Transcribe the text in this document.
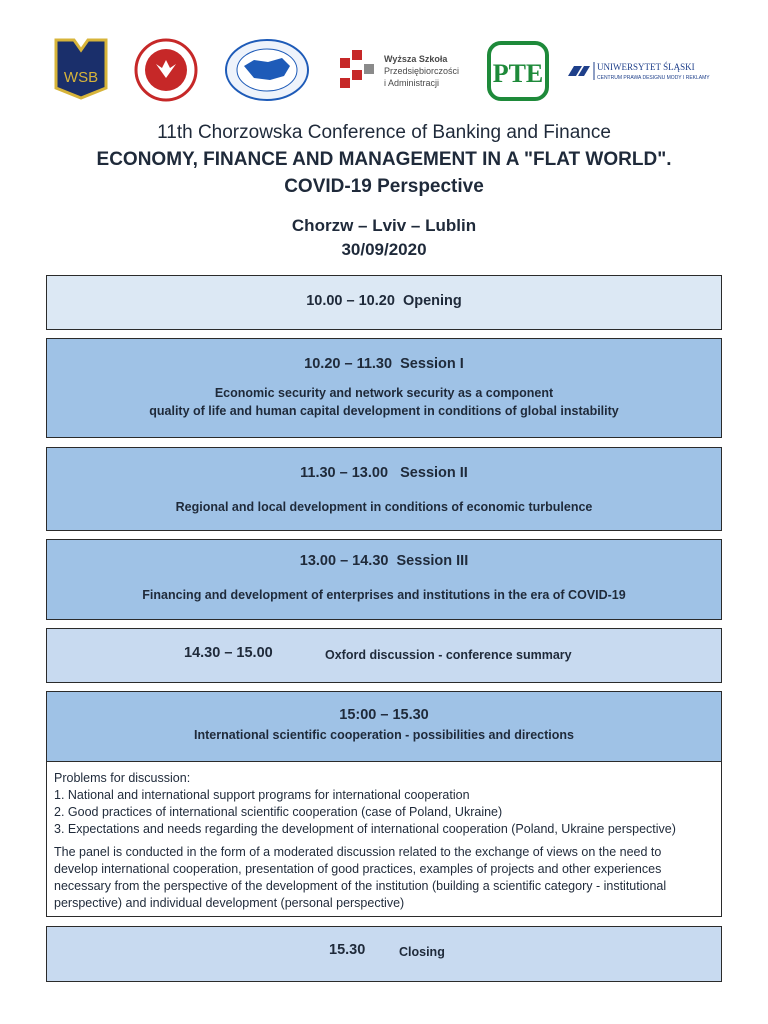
WSB
Wyższa Szkoła
Przedsiębiorczości
i Administracji PTE	UNIWERSYTET ŚLĄSKI
CENTRUM PRAWA DESIGNU MODY I REKLAMY
11th Chorzowska Conference of Banking and Finance
ECONOMY, FINANCE AND MANAGEMENT IN A "FLAT WORLD".
COVID-19 Perspective
Chorzw – Lviv – Lublin
30/09/2020
10.00 – 10.20 Opening
10.20 – 11.30 Session I
Economic security and network security as a component
quality of life and human capital development in conditions of global instability
11.30 – 13.00 Session II
Regional and local development in conditions of economic turbulence
13.00 – 14.30 Session III
Financing and development of enterprises and institutions in the era of COVID-19
14.30 – 15.00	Oxford discussion - conference summary
15:00 – 15.30
International scientific cooperation - possibilities and directions
Problems for discussion:
1. National and international support programs for international cooperation
2. Good practices of international scientific cooperation (case of Poland, Ukraine)
3. Expectations and needs regarding the development of international cooperation (Poland, Ukraine perspective)
The panel is conducted in the form of a moderated discussion related to the exchange of views on the need to
develop international cooperation, presentation of good practices, examples of projects and other experiences
necessary from the perspective of the development of the institution (building a scientific category - institutional
perspective) and individual development (personal perspective)
15.30	Closing
